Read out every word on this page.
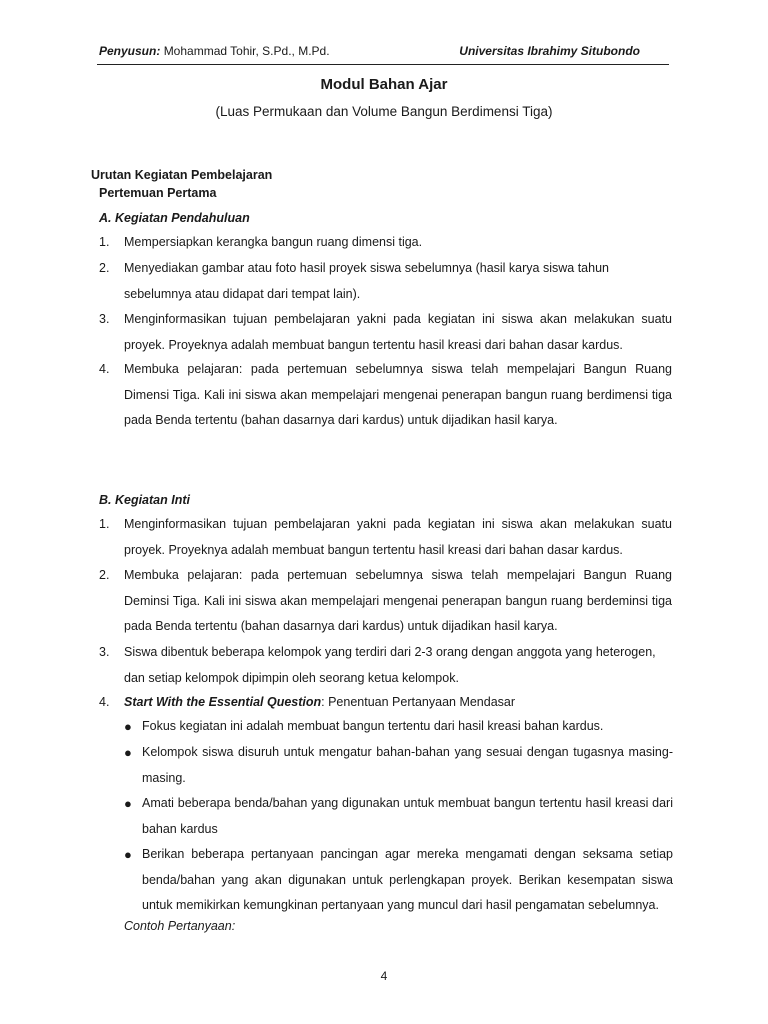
Penyusun: Mohammad Tohir, S.Pd., M.Pd.	Universitas Ibrahimy Situbondo
Modul Bahan Ajar
(Luas Permukaan dan Volume Bangun Berdimensi Tiga)
Urutan Kegiatan Pembelajaran
Pertemuan Pertama
A. Kegiatan Pendahuluan
1.	Mempersiapkan kerangka bangun ruang dimensi tiga.
2.	Menyediakan gambar atau foto hasil proyek siswa sebelumnya (hasil karya siswa tahun sebelumnya atau didapat dari tempat lain).
3.	Menginformasikan tujuan pembelajaran yakni pada kegiatan ini siswa akan melakukan suatu proyek. Proyeknya adalah membuat bangun tertentu hasil kreasi dari bahan dasar kardus.
4.	Membuka pelajaran: pada pertemuan sebelumnya siswa telah mempelajari Bangun Ruang Dimensi Tiga. Kali ini siswa akan mempelajari mengenai penerapan bangun ruang berdimensi tiga pada Benda tertentu (bahan dasarnya dari kardus) untuk dijadikan hasil karya.
B. Kegiatan Inti
1.	Menginformasikan tujuan pembelajaran yakni pada kegiatan ini siswa akan melakukan suatu proyek. Proyeknya adalah membuat bangun tertentu hasil kreasi dari bahan dasar kardus.
2.	Membuka pelajaran: pada pertemuan sebelumnya siswa telah mempelajari Bangun Ruang Deminsi Tiga. Kali ini siswa akan mempelajari mengenai penerapan bangun ruang berdeminsi tiga pada Benda tertentu (bahan dasarnya dari kardus) untuk dijadikan hasil karya.
3.	Siswa dibentuk beberapa kelompok yang terdiri dari 2-3 orang dengan anggota yang heterogen, dan setiap kelompok dipimpin oleh seorang ketua kelompok.
4.	Start With the Essential Question: Penentuan Pertanyaan Mendasar
● Fokus kegiatan ini adalah membuat bangun tertentu dari hasil kreasi bahan kardus.
● Kelompok siswa disuruh untuk mengatur bahan-bahan yang sesuai dengan tugasnya masing-masing.
● Amati beberapa benda/bahan yang digunakan untuk membuat bangun tertentu hasil kreasi dari bahan kardus
● Berikan beberapa pertanyaan pancingan agar mereka mengamati dengan seksama setiap benda/bahan yang akan digunakan untuk perlengkapan proyek. Berikan kesempatan siswa untuk memikirkan kemungkinan pertanyaan yang muncul dari hasil pengamatan sebelumnya.
Contoh Pertanyaan:
4
